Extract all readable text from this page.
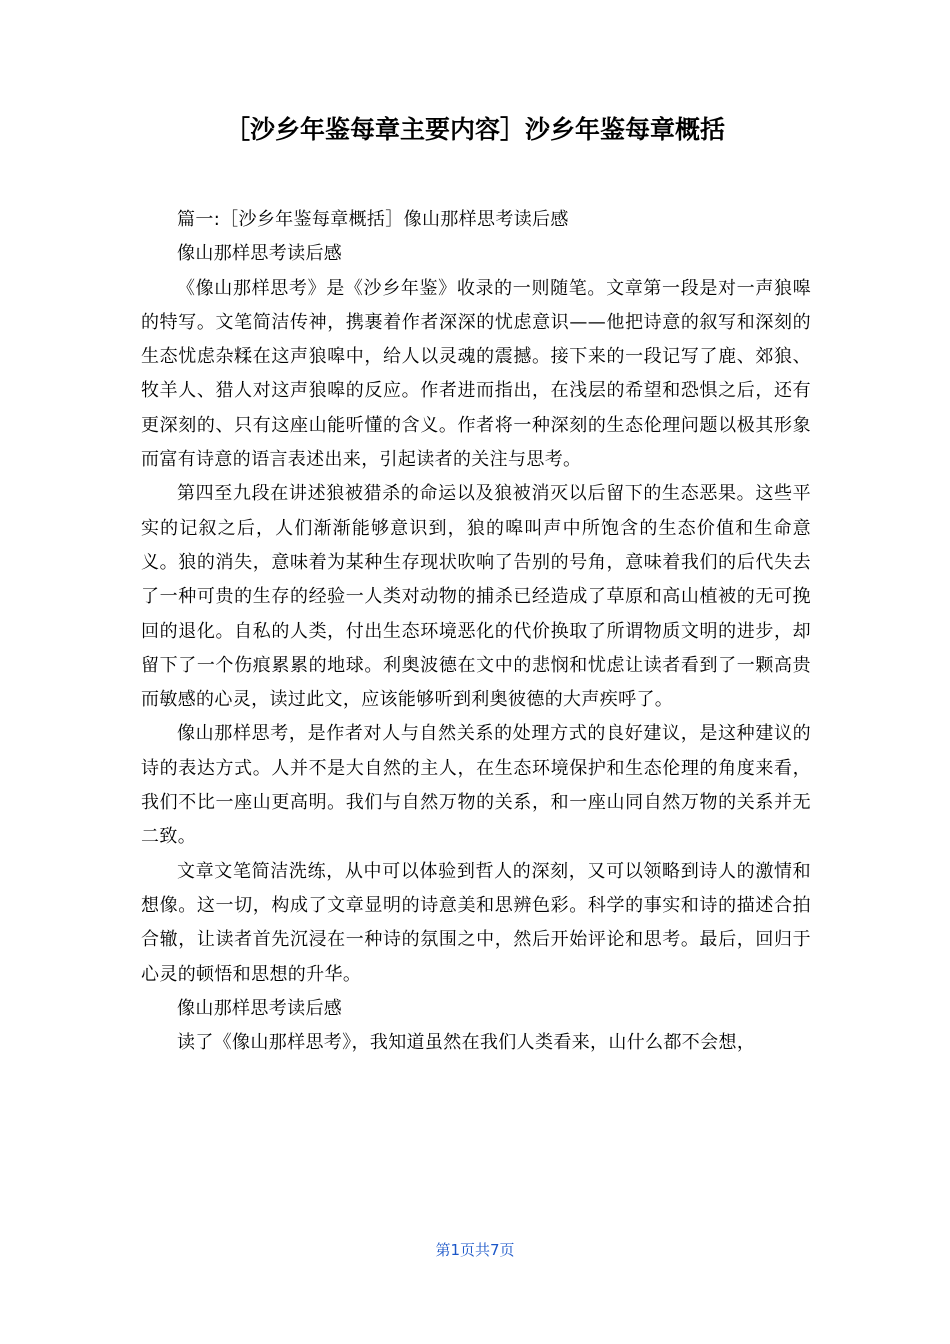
［沙乡年鉴每章主要内容］沙乡年鉴每章概括

篇一:［沙乡年鉴每章概括］像山那样思考读后感

像山那样思考读后感

《像山那样思考》是《沙乡年鉴》收录的一则随笔。文章第一段是对一声狼嗥的特写。文笔简洁传神，携裹着作者深深的忧虑意识——他把诗意的叙写和深刻的生态忧虑杂糅在这声狼嗥中，给人以灵魂的震撼。接下来的一段记写了鹿、郊狼、牧羊人、猎人对这声狼嗥的反应。作者进而指出，在浅层的希望和恐惧之后，还有更深刻的、只有这座山能听懂的含义。作者将一种深刻的生态伦理问题以极其形象而富有诗意的语言表述出来，引起读者的关注与思考。

第四至九段在讲述狼被猎杀的命运以及狼被消灭以后留下的生态恶果。这些平实的记叙之后，人们渐渐能够意识到，狼的嗥叫声中所饱含的生态价值和生命意义。狼的消失，意味着为某种生存现状吹响了告别的号角，意味着我们的后代失去了一种可贵的生存的经验一人类对动物的捕杀已经造成了草原和高山植被的无可挽回的退化。自私的人类，付出生态环境恶化的代价换取了所谓物质文明的进步，却留下了一个伤痕累累的地球。利奥波德在文中的悲悯和忧虑让读者看到了一颗高贵而敏感的心灵，读过此文，应该能够听到利奥彼德的大声疾呼了。

像山那样思考，是作者对人与自然关系的处理方式的良好建议，是这种建议的诗的表达方式。人并不是大自然的主人，在生态环境保护和生态伦理的角度来看，我们不比一座山更高明。我们与自然万物的关系，和一座山同自然万物的关系并无二致。

文章文笔简洁洗练，从中可以体验到哲人的深刻，又可以领略到诗人的激情和想像。这一切，构成了文章显明的诗意美和思辨色彩。科学的事实和诗的描述合拍合辙，让读者首先沉浸在一种诗的氛围之中，然后开始评论和思考。最后，回归于心灵的顿悟和思想的升华。

像山那样思考读后感

读了《像山那样思考》，我知道虽然在我们人类看来，山什么都不会想，

第1页共7页
